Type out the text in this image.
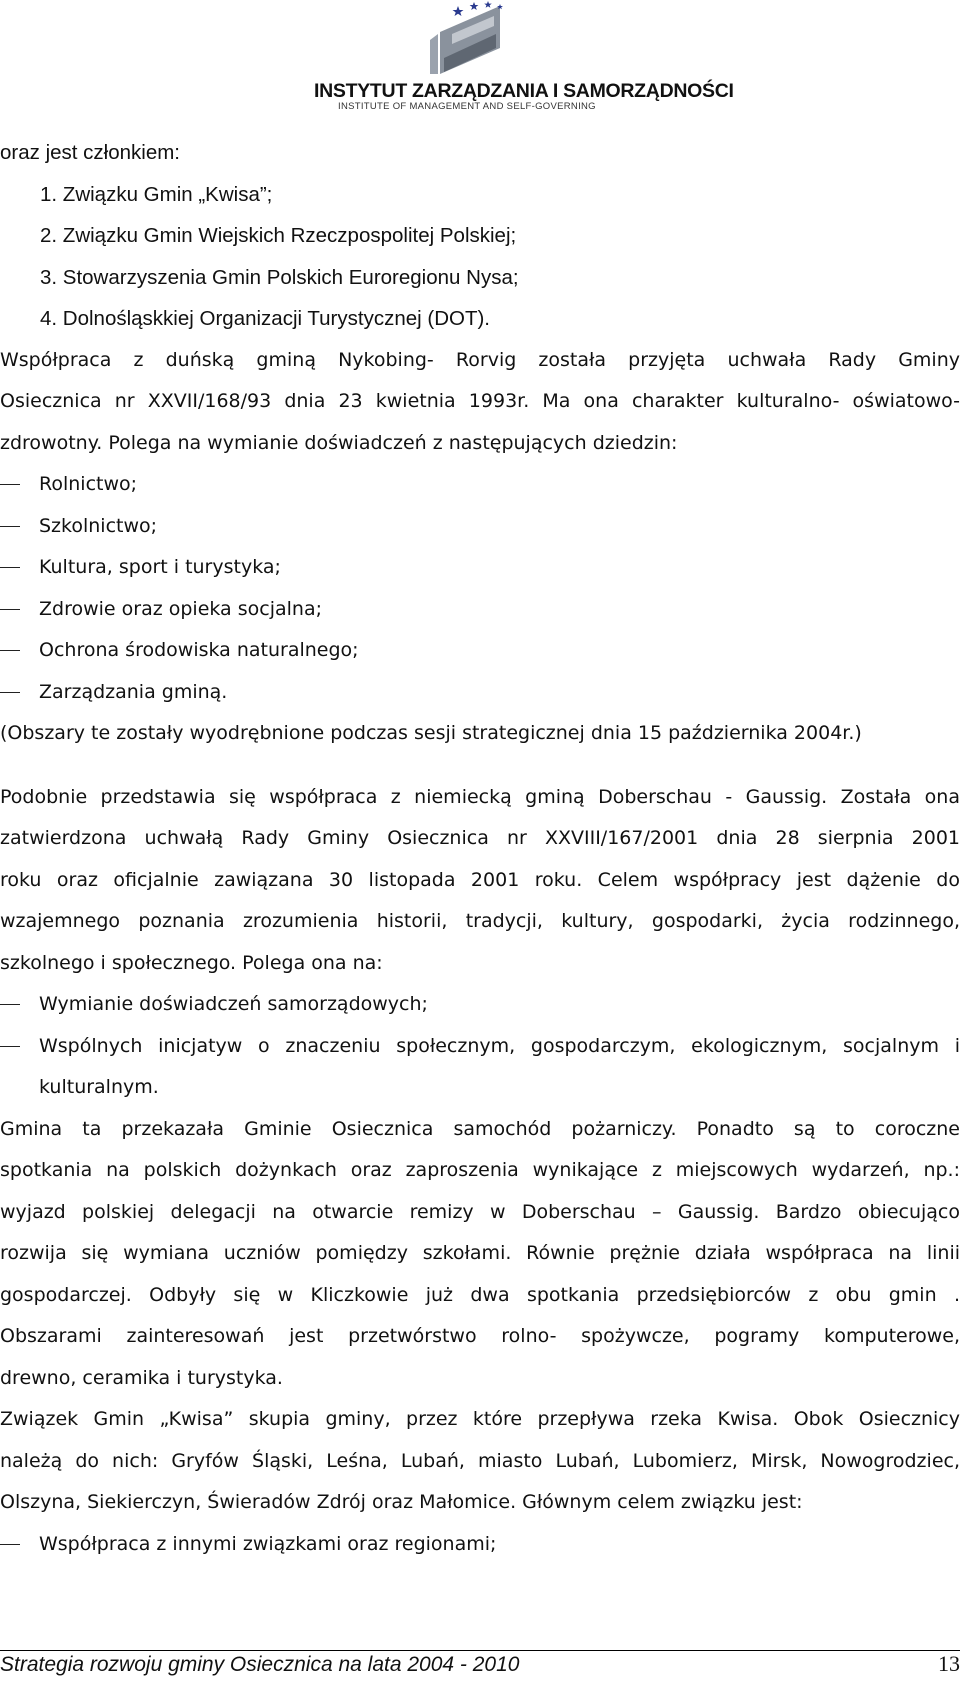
INSTYTUT ZARZĄDZANIA I SAMORZĄDNOŚCI
INSTITUTE OF MANAGEMENT AND SELF-GOVERNING
oraz jest członkiem:
1. Związku Gmin „Kwisa”;
2. Związku Gmin Wiejskich Rzeczpospolitej Polskiej;
3. Stowarzyszenia Gmin Polskich Euroregionu Nysa;
4. Dolnośląskkiej Organizacji Turystycznej (DOT).
Współpraca z duńską gminą Nykobing- Rorvig została przyjęta uchwała Rady Gminy
Osiecznica nr XXVII/168/93 dnia 23 kwietnia 1993r. Ma ona charakter kulturalno- oświatowo-
zdrowotny. Polega na wymianie doświadczeń z następujących dziedzin:
Rolnictwo;
Szkolnictwo;
Kultura, sport i turystyka;
Zdrowie oraz opieka socjalna;
Ochrona środowiska naturalnego;
Zarządzania gminą.
(Obszary te zostały wyodrębnione podczas sesji strategicznej dnia 15 października 2004r.)
Podobnie przedstawia się współpraca z niemiecką gminą Doberschau - Gaussig. Została ona
zatwierdzona uchwałą Rady Gminy Osiecznica nr XXVIII/167/2001 dnia 28 sierpnia 2001
roku oraz oficjalnie zawiązana 30 listopada 2001 roku. Celem współpracy jest dążenie do
wzajemnego poznania zrozumienia historii, tradycji, kultury, gospodarki, życia rodzinnego,
szkolnego i społecznego. Polega ona na:
Wymianie doświadczeń samorządowych;
Wspólnych inicjatyw o znaczeniu społecznym, gospodarczym, ekologicznym, socjalnym i
kulturalnym.
Gmina ta przekazała Gminie Osiecznica samochód pożarniczy. Ponadto są to coroczne
spotkania na polskich dożynkach oraz zaproszenia wynikające z miejscowych wydarzeń, np.:
wyjazd polskiej delegacji na otwarcie remizy w Doberschau – Gaussig. Bardzo obiecująco
rozwija się wymiana uczniów pomiędzy szkołami. Równie prężnie działa współpraca na linii
gospodarczej. Odbyły się w Kliczkowie już dwa spotkania przedsiębiorców z obu gmin .
Obszarami zainteresowań jest przetwórstwo rolno- spożywcze, pogramy komputerowe,
drewno, ceramika i turystyka.
Związek Gmin „Kwisa” skupia gminy, przez które przepływa rzeka Kwisa. Obok Osiecznicy
należą do nich: Gryfów Śląski, Leśna, Lubań, miasto Lubań, Lubomierz, Mirsk, Nowogrodziec,
Olszyna, Siekierczyn, Świeradów Zdrój oraz Małomice. Głównym celem związku jest:
Współpraca z innymi związkami oraz regionami;
Strategia rozwoju gminy Osiecznica na lata 2004 - 2010	13
